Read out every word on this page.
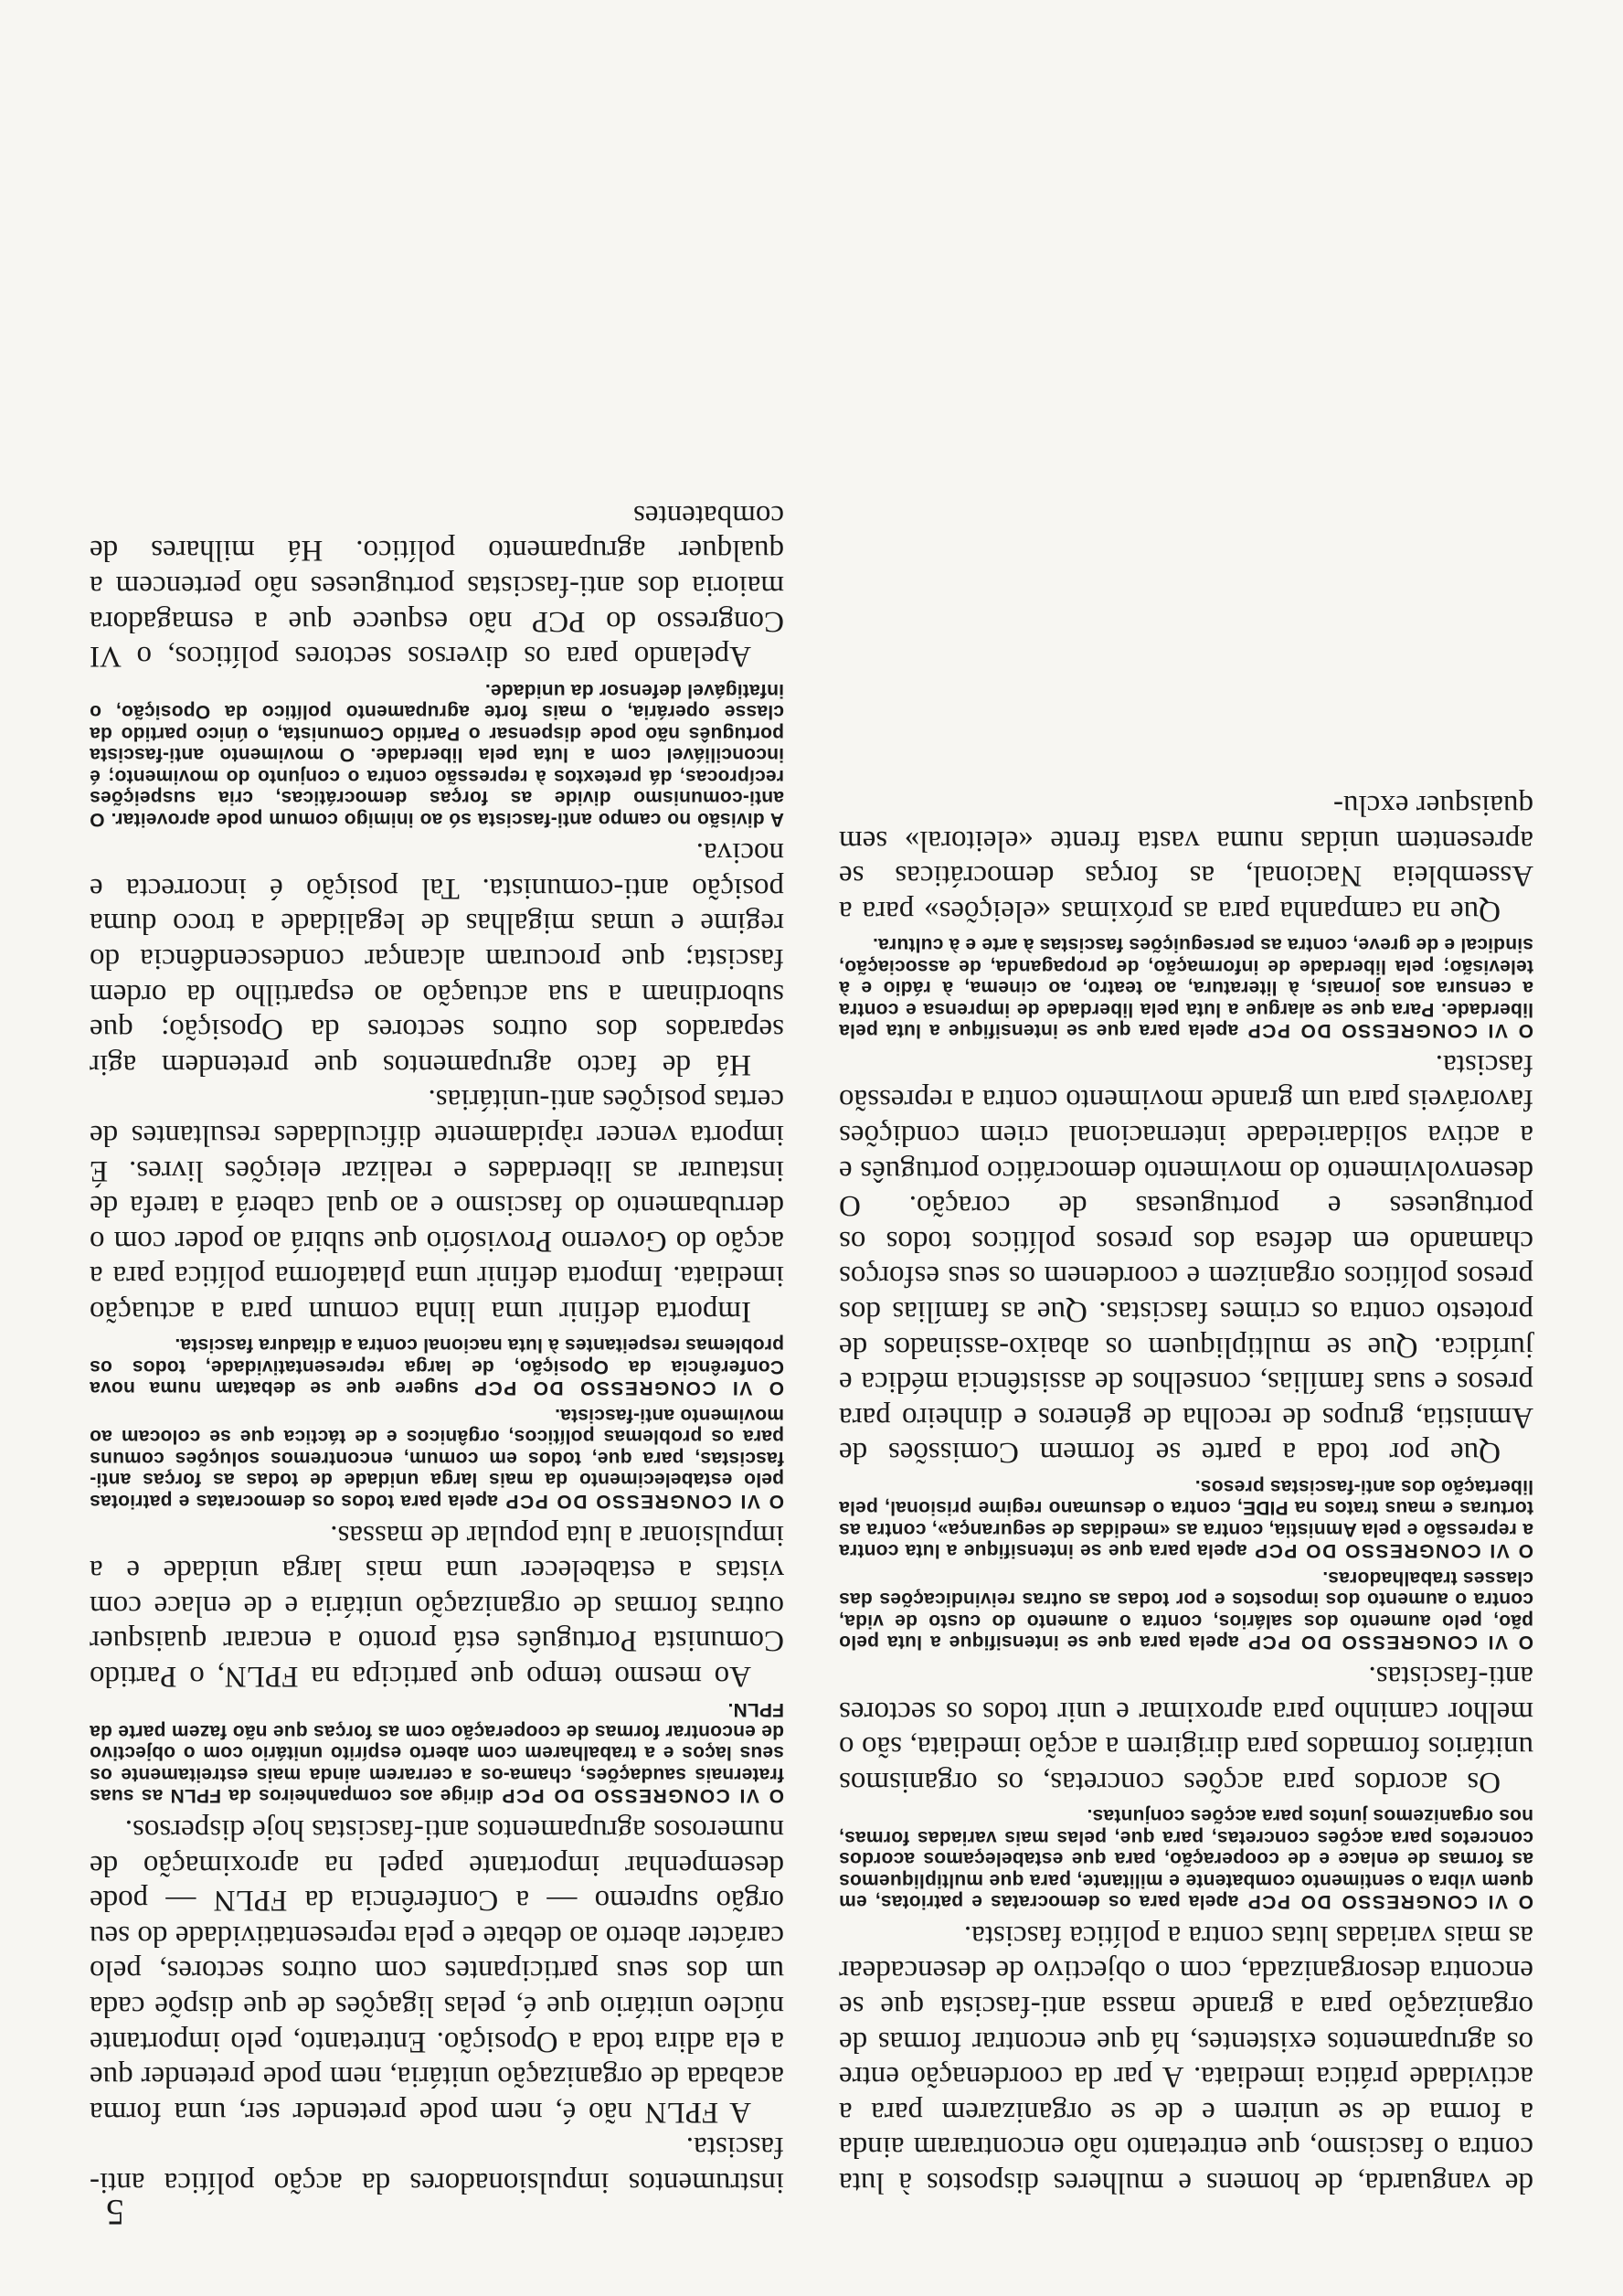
instrumentos impulsionadores da acção política anti-fascista.

A FPLN não é, nem pode pretender ser, uma forma acabada de organização unitária, nem pode pretender que a ela adira toda a Oposição. Entretanto, pelo importante núcleo unitário que é, pelas ligações de que dispõe cada um dos seus participantes com outros sectores, pelo carácter aberto ao debate e pela representatividade do seu orgão supremo — a Conferência da FPLN — pode desempenhar importante papel na aproximação de numerosos agrupamentos anti-fascistas hoje dispersos.

O VI CONGRESSO DO PCP dirige aos companheiros da FPLN as suas fraternais saudações, chama-os a cerrarem ainda mais estreitamente os seus laços e a trabalharem com aberto espírito unitário com o objectivo de encontrar formas de cooperação com as forças que não fazem parte da FPLN.

Ao mesmo tempo que participa na FPLN, o Partido Comunista Português está pronto a encarar quaisquer outras formas de organização unitária e de enlace com vistas a estabelecer uma mais larga unidade e a impulsionar a luta popular de massas.

O VI CONGRESSO DO PCP apela para todos os democratas e patriotas pelo estabelecimento da mais larga unidade de todas as forças anti-fascistas, para que, todos em comum, encontremos soluções comuns para os problemas políticos, orgânicos e de táctica que se colocam ao movimento anti-fascista.

O VI CONGRESSO DO PCP sugere que se debatam numa nova Conferência da Oposição, de larga representatividade, todos os problemas respeitantes à luta nacional contra a ditadura fascista.

Importa definir uma linha comum para a actuação imediata. Importa definir uma plataforma política para a acção do Governo Provisório que subirá ao poder com o derrubamento do fascismo e ao qual caberá a tarefa de instaurar as liberdades e realizar eleições livres. É importa vencer ràpidamente dificuldades resultantes de certas posições anti-unitárias.

Há de facto agrupamentos que pretendem agir separados dos outros sectores da Oposição; que subordinam a sua actuação ao espartilho da ordem fascista; que procuram alcançar condescendência do regime e umas migalhas de legalidade a troco duma posição anti-comunista. Tal posição é incorrecta e nociva.

A divisão no campo anti-fascista só ao inimigo comum pode aproveitar. O anti-comunismo divide as forças democráticas, cria suspeições recíprocas, dá pretextos à repressão contra o conjunto do movimento; é inconciliável com a luta pela liberdade. O movimento anti-fascista português não pode dispensar o Partido Comunista, o único partido da classe operária, o mais forte agrupamento político da Oposição, o infatigável defensor da unidade.

Apelando para os diversos sectores políticos, o VI Congresso do PCP não esquece que a esmagadora maioria dos anti-fascistas portugueses não pertencem a qualquer agrupamento político. Há milhares de combatentes

de vanguarda, de homens e mulheres dispostos à luta contra o fascismo, que entretanto não encontraram ainda a forma de se unirem e de se organizarem para a actividade prática imediata. A par da coordenação entre os agrupamentos existentes, há que encontrar formas de organização para a grande massa anti-fascista que se encontra desorganizada, com o objectivo de desencadear as mais variadas lutas contra a política fascista.

O VI CONGRESSO DO PCP apela para os democratas e patriotas, em quem vibra o sentimento combatente e militante, para que multipliquemos as formas de enlace e de cooperação, para que estabeleçamos acordos concretos para acções concretas, para que, pelas mais variadas formas, nos organizemos juntos para acções conjuntas.

Os acordos para acções concretas, os organismos unitários formados para dirigirem a acção imediata, são o melhor caminho para aproximar e unir todos os sectores anti-fascistas.

O VI CONGRESSO DO PCP apela para que se intensifique a luta pelo pão, pelo aumento dos salários, contra o aumento do custo de vida, contra o aumento dos impostos e por todas as outras reivindicações das classes trabalhadoras.

O VI CONGRESSO DO PCP apela para que se intensifique a luta contra a repressão e pela Amnistia, contra as «medidas de segurança», contra as torturas e maus tratos na PIDE, contra o desumano regime prisional, pela libertação dos anti-fascistas presos.

Que por toda a parte se formem Comissões de Amnistia, grupos de recolha de géneros e dinheiro para presos e suas famílias, conselhos de assistência médica e jurídica. Que se multipliquem os abaixo-assinados de protesto contra os crimes fascistas. Que as famílias dos presos políticos organizem e coordenem os seus esforços chamando em defesa dos presos políticos todos os portugueses e portuguesas de coração. O desenvolvimento do movimento democrático português e a activa solidariedade internacional criem condições favoráveis para um grande movimento contra a repressão fascista.

O VI CONGRESSO DO PCP apela para que se intensifique a luta pela liberdade. Para que se alargue a luta pela liberdade de imprensa e contra a censura aos jornais, à literatura, ao teatro, ao cinema, à rádio e à televisão; pela liberdade de informação, de propaganda, de associação, sindical e de greve, contra as perseguições fascistas à arte e à cultura.

Que na campanha para as próximas «eleições» para a Assembleia Nacional, as forças democráticas se apresentem unidas numa vasta frente «eleitoral» sem quaisquer exclu-

5
